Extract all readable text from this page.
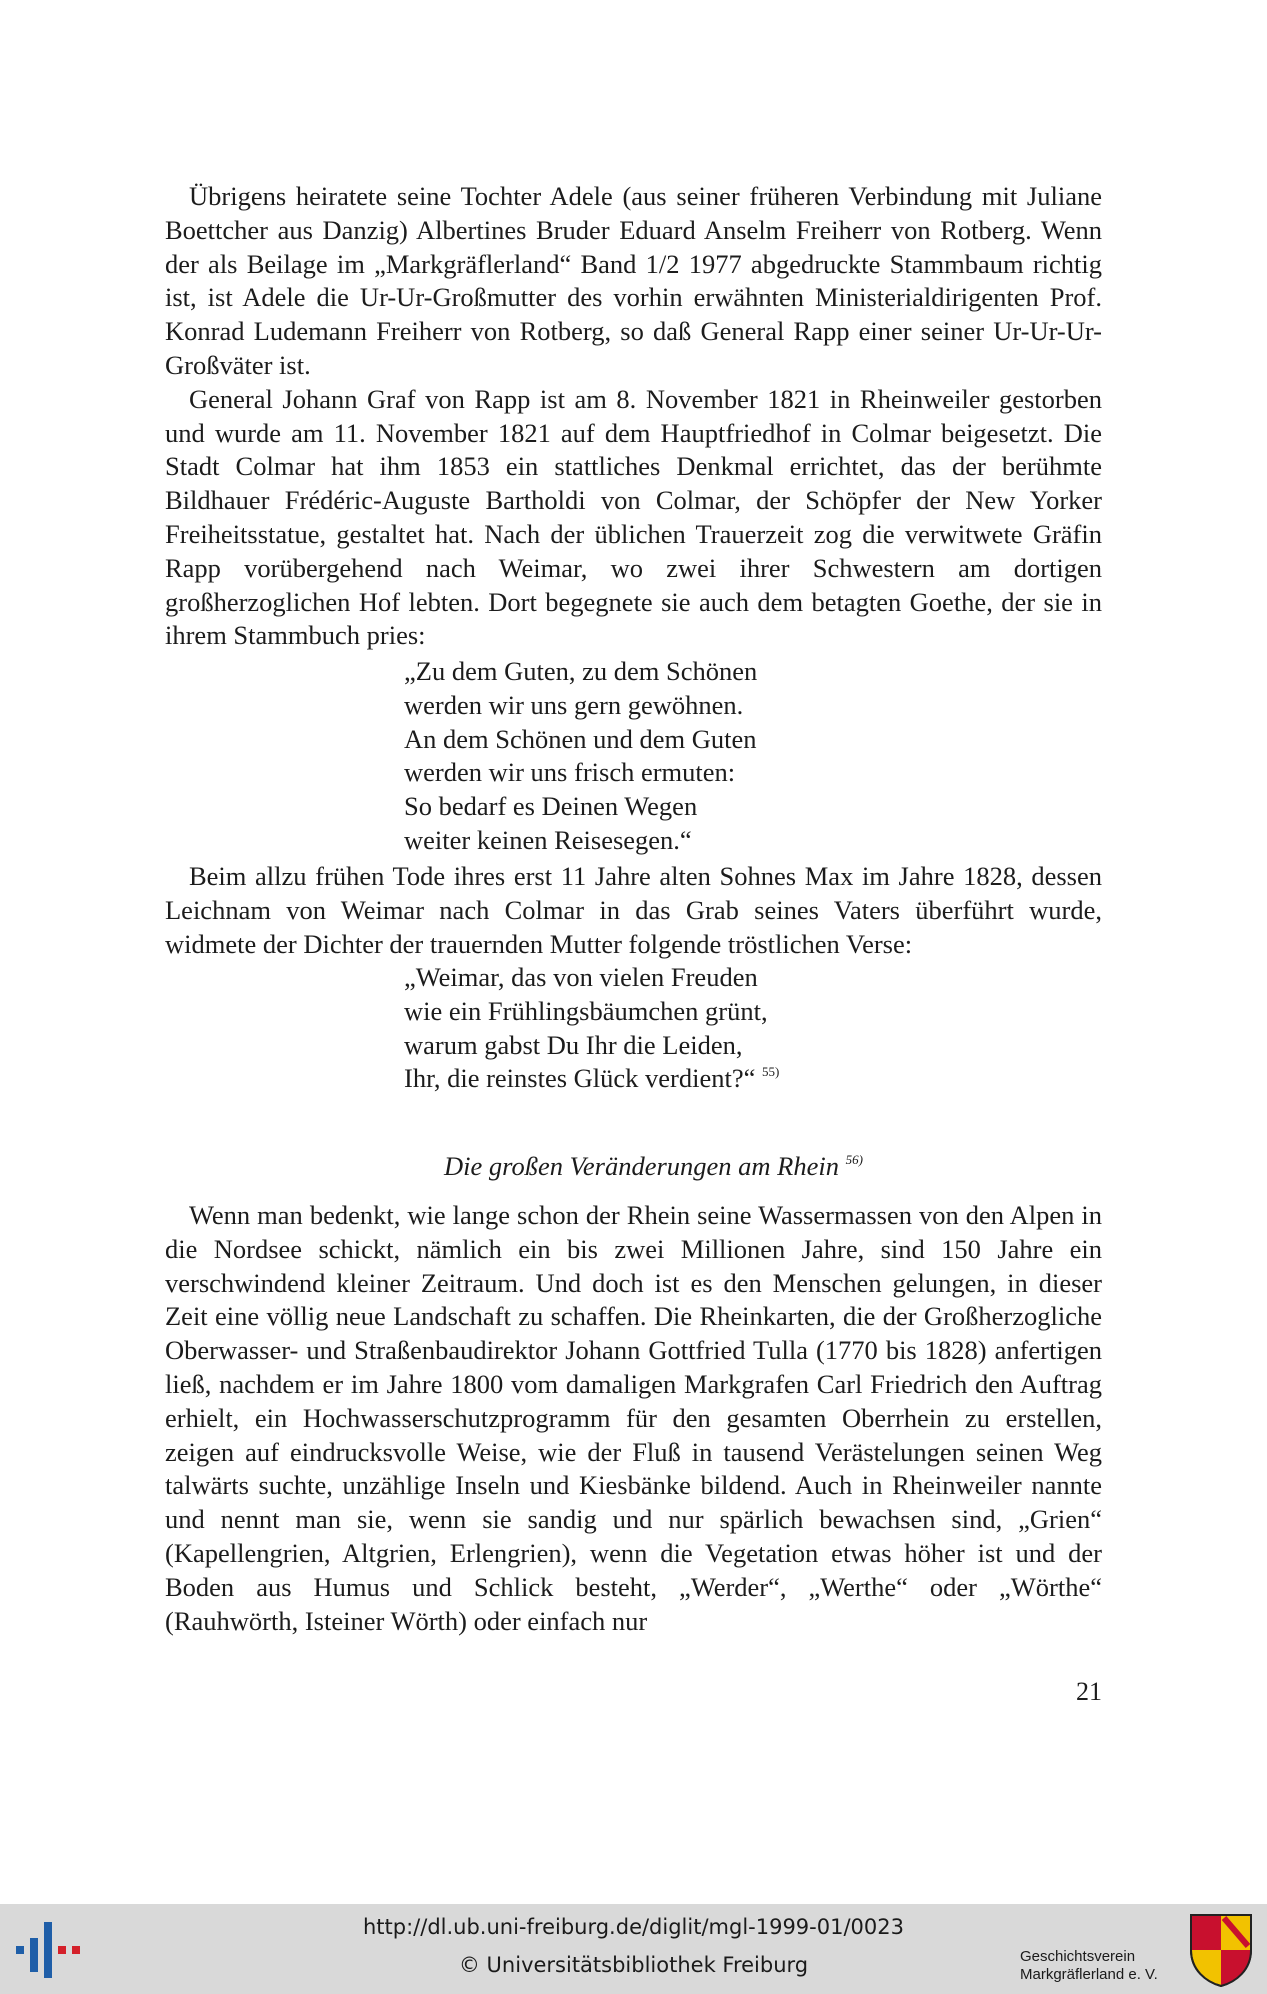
Übrigens heiratete seine Tochter Adele (aus seiner früheren Verbindung mit Juliane Boettcher aus Danzig) Albertines Bruder Eduard Anselm Freiherr von Rotberg. Wenn der als Beilage im „Markgräflerland“ Band 1/2 1977 abgedruckte Stammbaum richtig ist, ist Adele die Ur-Ur-Großmutter des vorhin erwähnten Ministerialdirigenten Prof. Konrad Ludemann Freiherr von Rotberg, so daß General Rapp einer seiner Ur-Ur-Ur-Großväter ist.

General Johann Graf von Rapp ist am 8. November 1821 in Rheinweiler gestorben und wurde am 11. November 1821 auf dem Hauptfriedhof in Colmar beigesetzt. Die Stadt Colmar hat ihm 1853 ein stattliches Denkmal errichtet, das der berühmte Bildhauer Frédéric-Auguste Bartholdi von Colmar, der Schöpfer der New Yorker Freiheitsstatue, gestaltet hat. Nach der üblichen Trauerzeit zog die verwitwete Gräfin Rapp vorübergehend nach Weimar, wo zwei ihrer Schwestern am dortigen großherzoglichen Hof lebten. Dort begegnete sie auch dem betagten Goethe, der sie in ihrem Stammbuch pries:

„Zu dem Guten, zu dem Schönen
werden wir uns gern gewöhnen.
An dem Schönen und dem Guten
werden wir uns frisch ermuten:
So bedarf es Deinen Wegen
weiter keinen Reisesegen.“

Beim allzu frühen Tode ihres erst 11 Jahre alten Sohnes Max im Jahre 1828, dessen Leichnam von Weimar nach Colmar in das Grab seines Vaters überführt wurde, widmete der Dichter der trauernden Mutter folgende tröstlichen Verse:

„Weimar, das von vielen Freuden
wie ein Frühlingsbäumchen grünt,
warum gabst Du Ihr die Leiden,
Ihr, die reinstes Glück verdient?“ $^{55)}$
Die großen Veränderungen am Rhein $^{56)}$

Wenn man bedenkt, wie lange schon der Rhein seine Wassermassen von den Alpen in die Nordsee schickt, nämlich ein bis zwei Millionen Jahre, sind 150 Jahre ein verschwindend kleiner Zeitraum. Und doch ist es den Menschen gelungen, in dieser Zeit eine völlig neue Landschaft zu schaffen. Die Rheinkarten, die der Großherzogliche Oberwasser- und Straßenbaudirektor Johann Gottfried Tulla (1770 bis 1828) anfertigen ließ, nachdem er im Jahre 1800 vom damaligen Markgrafen Carl Friedrich den Auftrag erhielt, ein Hochwasserschutzprogramm für den gesamten Oberrhein zu erstellen, zeigen auf eindrucksvolle Weise, wie der Fluß in tausend Verästelungen seinen Weg talwärts suchte, unzählige Inseln und Kiesbänke bildend. Auch in Rheinweiler nannte und nennt man sie, wenn sie sandig und nur spärlich bewachsen sind, „Grien“ (Kapellengrien, Altgrien, Erlengrien), wenn die Vegetation etwas höher ist und der Boden aus Humus und Schlick besteht, „Werder“, „Werthe“ oder „Wörthe“ (Rauhwörth, Isteiner Wörth) oder einfach nur

21
http://dl.ub.uni-freiburg.de/diglit/mgl-1999-01/0023
© Universitätsbibliothek Freiburg	Geschichtsverein
Markgräflerland e. V.
